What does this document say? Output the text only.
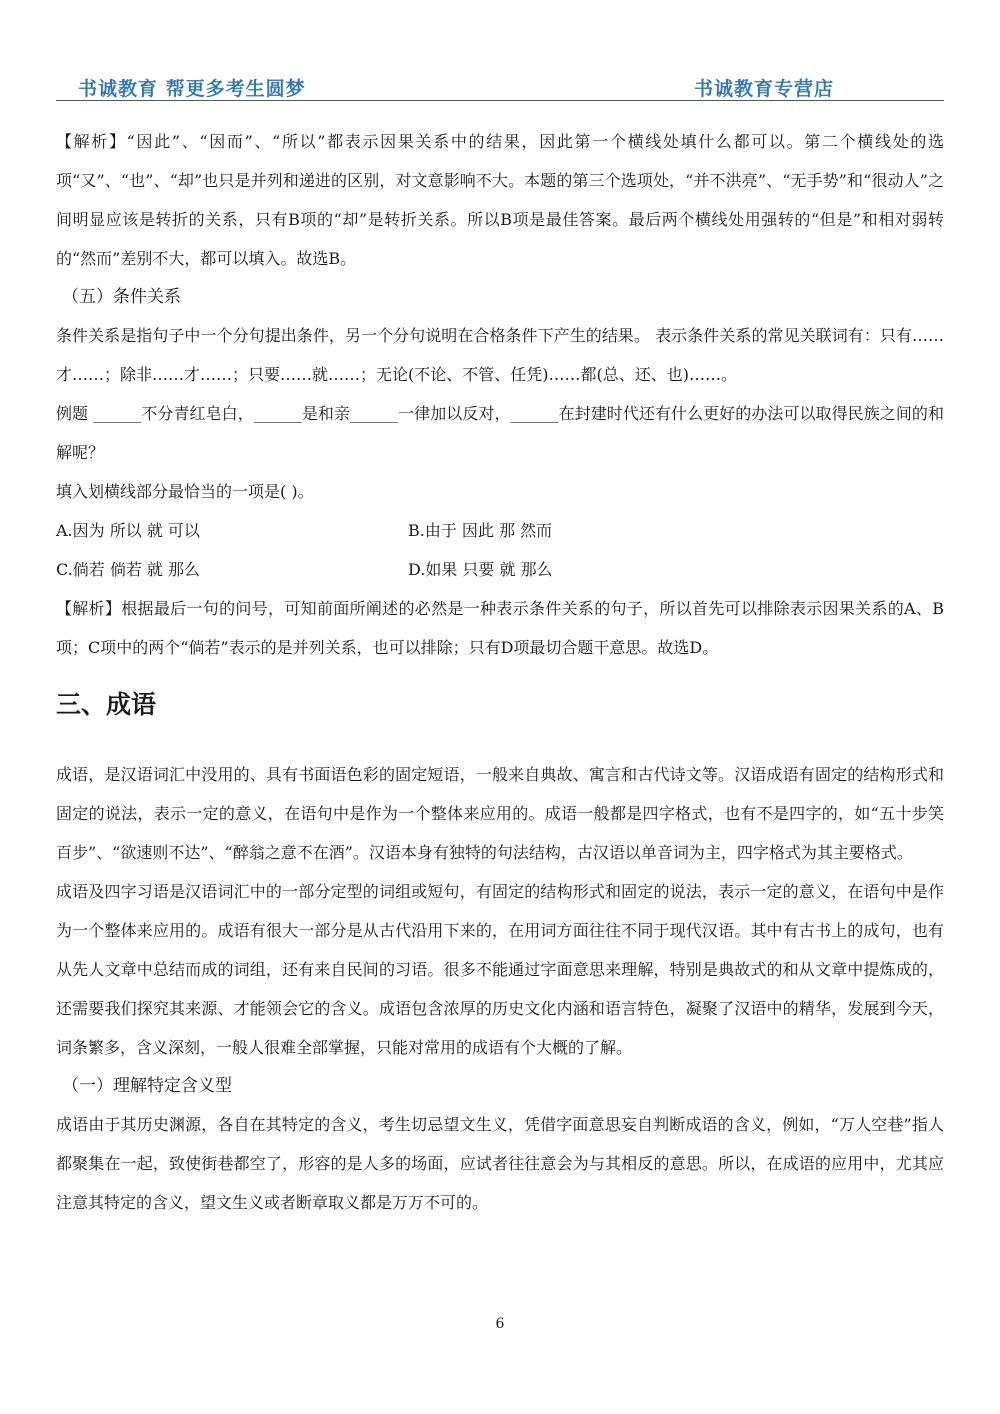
书诚教育 帮更多考生圆梦	书诚教育专营店

【解析】“因此”、“因而”、“所以”都表示因果关系中的结果，因此第一个横线处填什么都可以。第二个横线处的选项“又”、“也”、“却”也只是并列和递进的区别，对文意影响不大。本题的第三个选项处，“并不洪亮”、“无手势”和“很动人”之间明显应该是转折的关系，只有B项的“却”是转折关系。所以B项是最佳答案。最后两个横线处用强转的“但是”和相对弱转的“然而”差别不大，都可以填入。故选B。

（五）条件关系

条件关系是指句子中一个分句提出条件，另一个分句说明在合格条件下产生的结果。 表示条件关系的常见关联词有：只有……才……；除非……才……；只要……就……；无论(不论、不管、任凭)……都(总、还、也)……。

例题 ______不分青红皂白，______是和亲______一律加以反对，______在封建时代还有什么更好的办法可以取得民族之间的和解呢？

填入划横线部分最恰当的一项是( )。

A.因为 所以 就 可以	B.由于 因此 那 然而
C.倘若 倘若 就 那么	D.如果 只要 就 那么

【解析】根据最后一句的问号，可知前面所阐述的必然是一种表示条件关系的句子，所以首先可以排除表示因果关系的A、B项；C项中的两个“倘若”表示的是并列关系，也可以排除；只有D项最切合题干意思。故选D。

三、成语

成语，是汉语词汇中没用的、具有书面语色彩的固定短语，一般来自典故、寓言和古代诗文等。汉语成语有固定的结构形式和固定的说法，表示一定的意义，在语句中是作为一个整体来应用的。成语一般都是四字格式，也有不是四字的，如“五十步笑百步”、“欲速则不达”、“醉翁之意不在酒”。汉语本身有独特的句法结构，古汉语以单音词为主，四字格式为其主要格式。

成语及四字习语是汉语词汇中的一部分定型的词组或短句，有固定的结构形式和固定的说法，表示一定的意义，在语句中是作为一个整体来应用的。成语有很大一部分是从古代沿用下来的，在用词方面往往不同于现代汉语。其中有古书上的成句，也有从先人文章中总结而成的词组，还有来自民间的习语。很多不能通过字面意思来理解，特别是典故式的和从文章中提炼成的，还需要我们探究其来源、才能领会它的含义。成语包含浓厚的历史文化内涵和语言特色，凝聚了汉语中的精华，发展到今天，词条繁多，含义深刻，一般人很难全部掌握，只能对常用的成语有个大概的了解。

（一）理解特定含义型

成语由于其历史渊源，各自在其特定的含义，考生切忌望文生义，凭借字面意思妄自判断成语的含义，例如，“万人空巷”指人都聚集在一起，致使街巷都空了，形容的是人多的场面，应试者往往意会为与其相反的意思。所以，在成语的应用中，尤其应注意其特定的含义，望文生义或者断章取义都是万万不可的。

6
